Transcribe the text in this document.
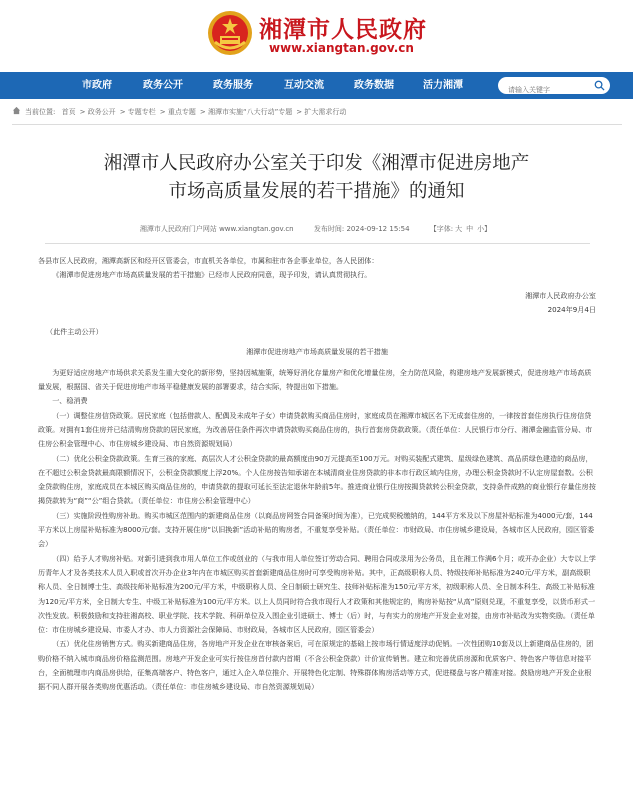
湘潭市人民政府
www.xiangtan.gov.cn
市政府	政务公开	政务服务	互动交流	政务数据	活力湘潭
请输入关键字
当前位置: 首页 > 政务公开 > 专题专栏 > 重点专题 > 湘潭市实施“八大行动”专题 > 扩大需求行动
湘潭市人民政府办公室关于印发《湘潭市促进房地产
市场高质量发展的若干措施》的通知
湘潭市人民政府门户网站 www.xiangtan.gov.cn	发布时间: 2024-09-12 15:54	【字体: 大 中 小】

各县市区人民政府，湘潭高新区和经开区管委会，市直机关各单位，市属和驻市各企事业单位，各人民团体：

《湘潭市促进房地产市场高质量发展的若干措施》已经市人民政府同意，现予印发，请认真贯彻执行。

湘潭市人民政府办公室

2024年9月4日

（此件主动公开）

湘潭市促进房地产市场高质量发展的若干措施

为更好适应房地产市场供求关系发生重大变化的新形势，坚持因城施策，统筹好消化存量房产和优化增量住房，全力防范风险，构建房地产发展新模式，促进房地产市场高质量发展，根据国、省关于促进房地产市场平稳健康发展的部署要求，结合实际，特提出如下措施。

一、稳消费

（一）调整住房信贷政策。居民家庭（包括借款人、配偶及未成年子女）申请贷款购买商品住房时，家庭成员在湘潭市城区名下无成套住房的，一律按首套住房执行住房信贷政策。对拥有1套住房并已结清购房贷款的居民家庭，为改善居住条件再次申请贷款购买商品住房的，执行首套房贷款政策。（责任单位：人民银行市分行、湘潭金融监管分局、市住房公积金管理中心、市住房城乡建设局、市自然资源规划局）

（二）优化公积金贷款政策。生育三孩的家庭、高层次人才公积金贷款的最高额度由90万元提高至100万元。对购买装配式建筑、星级绿色建筑、高品质绿色建造的商品房，在不超过公积金贷款最高限额情况下，公积金贷款额度上浮20%。个人住房按告知承诺在本城清商业住房贷款的非本市行政区域内住房，办理公积金贷款时不认定房屋套数。公积金贷款购住房，家庭成员在本城区购买商品住房的，申请贷款的提取可延长至法定退休年龄前5年。推进商业银行住房按揭贷款转公积金贷款，支持条件成熟的商业银行存量住房按揭贷款转为“商”“公”组合贷款。（责任单位：市住房公积金管理中心）

（三）实施阶段性购房补助。购买市城区范围内的新建商品住房（以商品房网签合同备案时间为准），已完成契税缴纳的，144平方米及以下房屋补贴标准为4000元/套，144平方米以上房屋补贴标准为8000元/套。支持开展住房“以旧换新”活动补贴的购房者，不重复享受补贴。（责任单位：市财政局、市住房城乡建设局，各城市区人民政府，园区管委会）

（四）给予人才购房补贴。对新引进到我市用人单位工作或创业的（与我市用人单位签订劳动合同、聘用合同或录用为公务员，且在湘工作满6个月；或开办企业）大专以上学历青年人才及各类技术人员入职或首次开办企业3年内在市城区购买首套新建商品住房时可享受购房补贴。其中，正高级职称人员、特级技师补贴标准为240元/平方米，副高级职称人员、全日制博士生、高级技师补贴标准为200元/平方米，中级职称人员、全日制硕士研究生、技师补贴标准为150元/平方米，初级职称人员、全日制本科生、高级工补贴标准为120元/平方米，全日制大专生、中级工补贴标准为100元/平方米。以上人员同时符合我市现行人才政策和其他规定的，购房补贴按“从高”原则兑现，不重复享受，以货币形式一次性发放。积极鼓励和支持驻湘高校、职业学院、技术学院、科研单位及入围企业引进硕士、博士（后）时，与有实力的房地产开发企业对接，由房市补贴改为实物奖励。（责任单位：市住房城乡建设局、市委人才办、市人力资源社会保障局、市财政局，各城市区人民政府，园区管委会）

（五）优化住房销售方式。购买新建商品住房，各房地产开发企业在审核备案后，可在原规定的基础上按市场行情适度浮动促销。一次性团购10套及以上新建商品住房的，团购价格不纳入城市商品房价格监测范围。房地产开发企业可实行按住房首付款内首期（不含公积金贷款）计价宣传销售。建立和完善优质房源和优质客户、特色客户等信息对接平台，全面梳理市内商品房供给，征集高端客户、特色客户，通过入企入单位推介、开展特色化定制、特殊群体购房活动等方式，促进楼盘与客户精准对接。鼓励房地产开发企业根据不同人群开展各类购房优惠活动。（责任单位：市住房城乡建设局、市自然资源规划局）
